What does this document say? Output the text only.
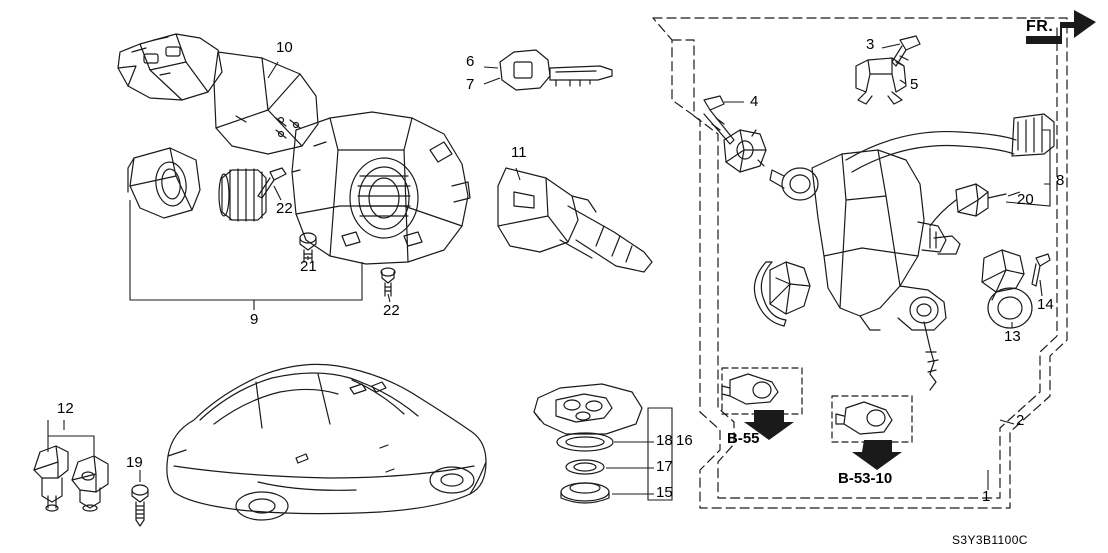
1
2
3
4
5
6
7
8
9
10
11
12
13
14
15
16
17
18
19
20
21
22
22
B-55
B-53-10
FR.
S3Y3B1100C
